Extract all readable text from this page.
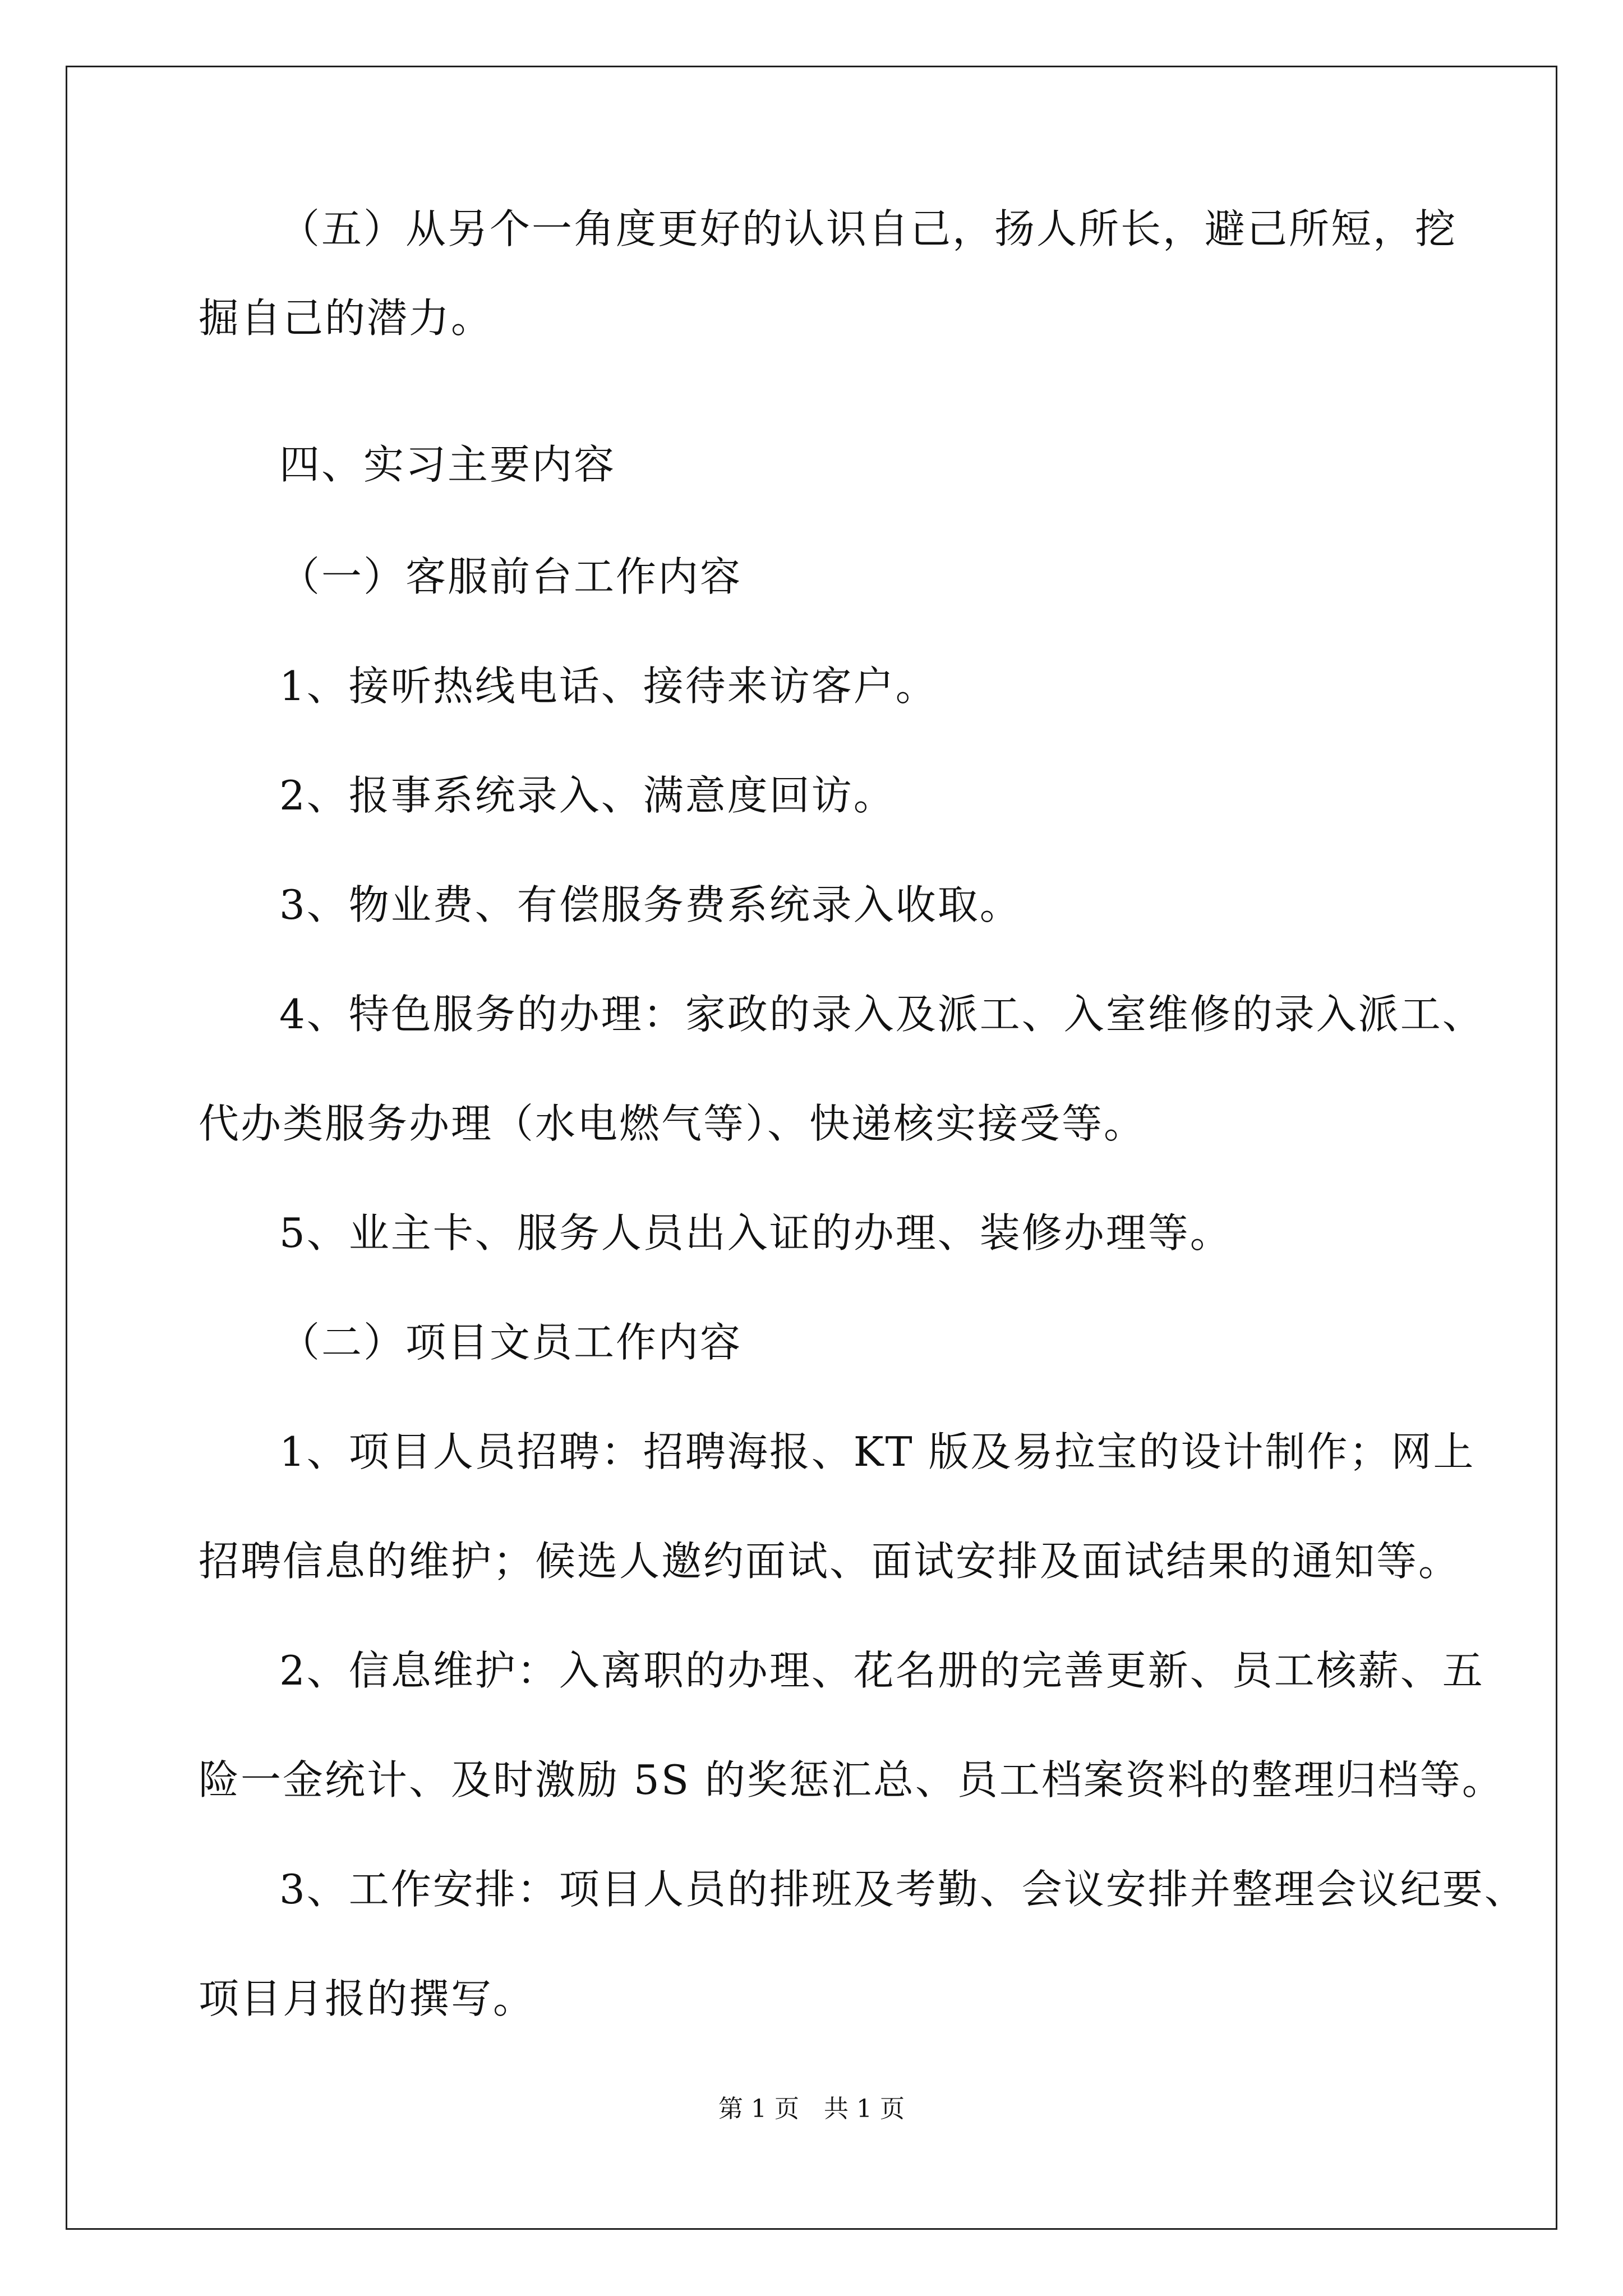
（五）从另个一角度更好的认识自己，扬人所长，避己所短，挖
掘自己的潜力。
四、实习主要内容
（一）客服前台工作内容
1、接听热线电话、接待来访客户。
2、报事系统录入、满意度回访。
3、物业费、有偿服务费系统录入收取。
4、特色服务的办理：家政的录入及派工、入室维修的录入派工、
代办类服务办理（水电燃气等）、快递核实接受等。
5、业主卡、服务人员出入证的办理、装修办理等。
（二）项目文员工作内容
1、项目人员招聘：招聘海报、KT 版及易拉宝的设计制作；网上
招聘信息的维护；候选人邀约面试、面试安排及面试结果的通知等。
2、信息维护：入离职的办理、花名册的完善更新、员工核薪、五
险一金统计、及时激励 5S 的奖惩汇总、员工档案资料的整理归档等。
3、工作安排：项目人员的排班及考勤、会议安排并整理会议纪要、
项目月报的撰写。
第 1 页　共 1 页
